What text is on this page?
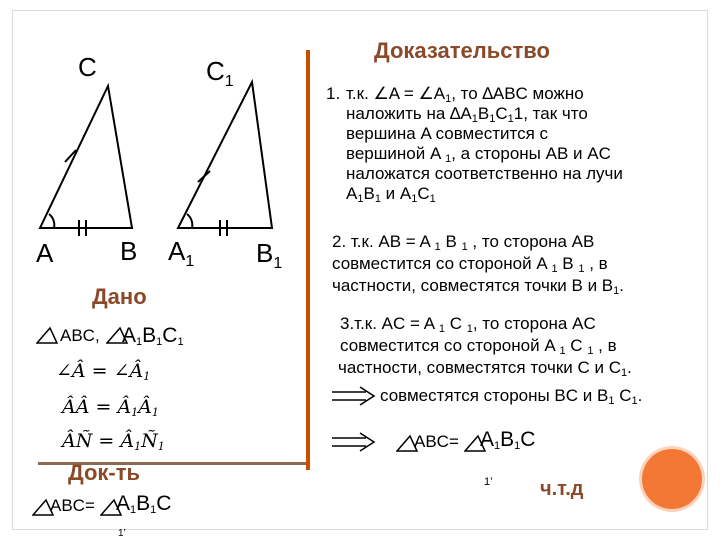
C
A	B
$C_1$
$A_1$ $B_1$
Дано
ABC, $A_1B_1C_1$
∠Â = $\angle Â_1$
ÂÂ = $Â_1Â_1$
ÂÑ = $Â_1Ñ_1$
Док-ть
$ABC= A_1B_1C$
1’
Доказательство
1. т.к. ∠A = $\angle A_1$, то ∆ABC можно
наложить на $\Delta A_1B_1C_11$, так что
вершина A совместится с
вершиной A $_1$, а стороны AB и AC
наложатся соответственно на лучи
$A_1B_1$ и $A_1C_1$
2. т.к. AB = A $_1$ B $_1$ , то сторона AB
совместится со стороной A $_1$ B $_1$ , в
частности, совместятся точки B и $B_1$.
3.т.к. AC = A $_1$ C $_1$, то сторона AC
совместится со стороной A $_1$ C $_1$ , в
частности, совместятся точки C и $C_1$.
совместятся стороны BC и $B_1$ $C_1$.
$ABC= A_1B_1C$
1’ ч.т.д
